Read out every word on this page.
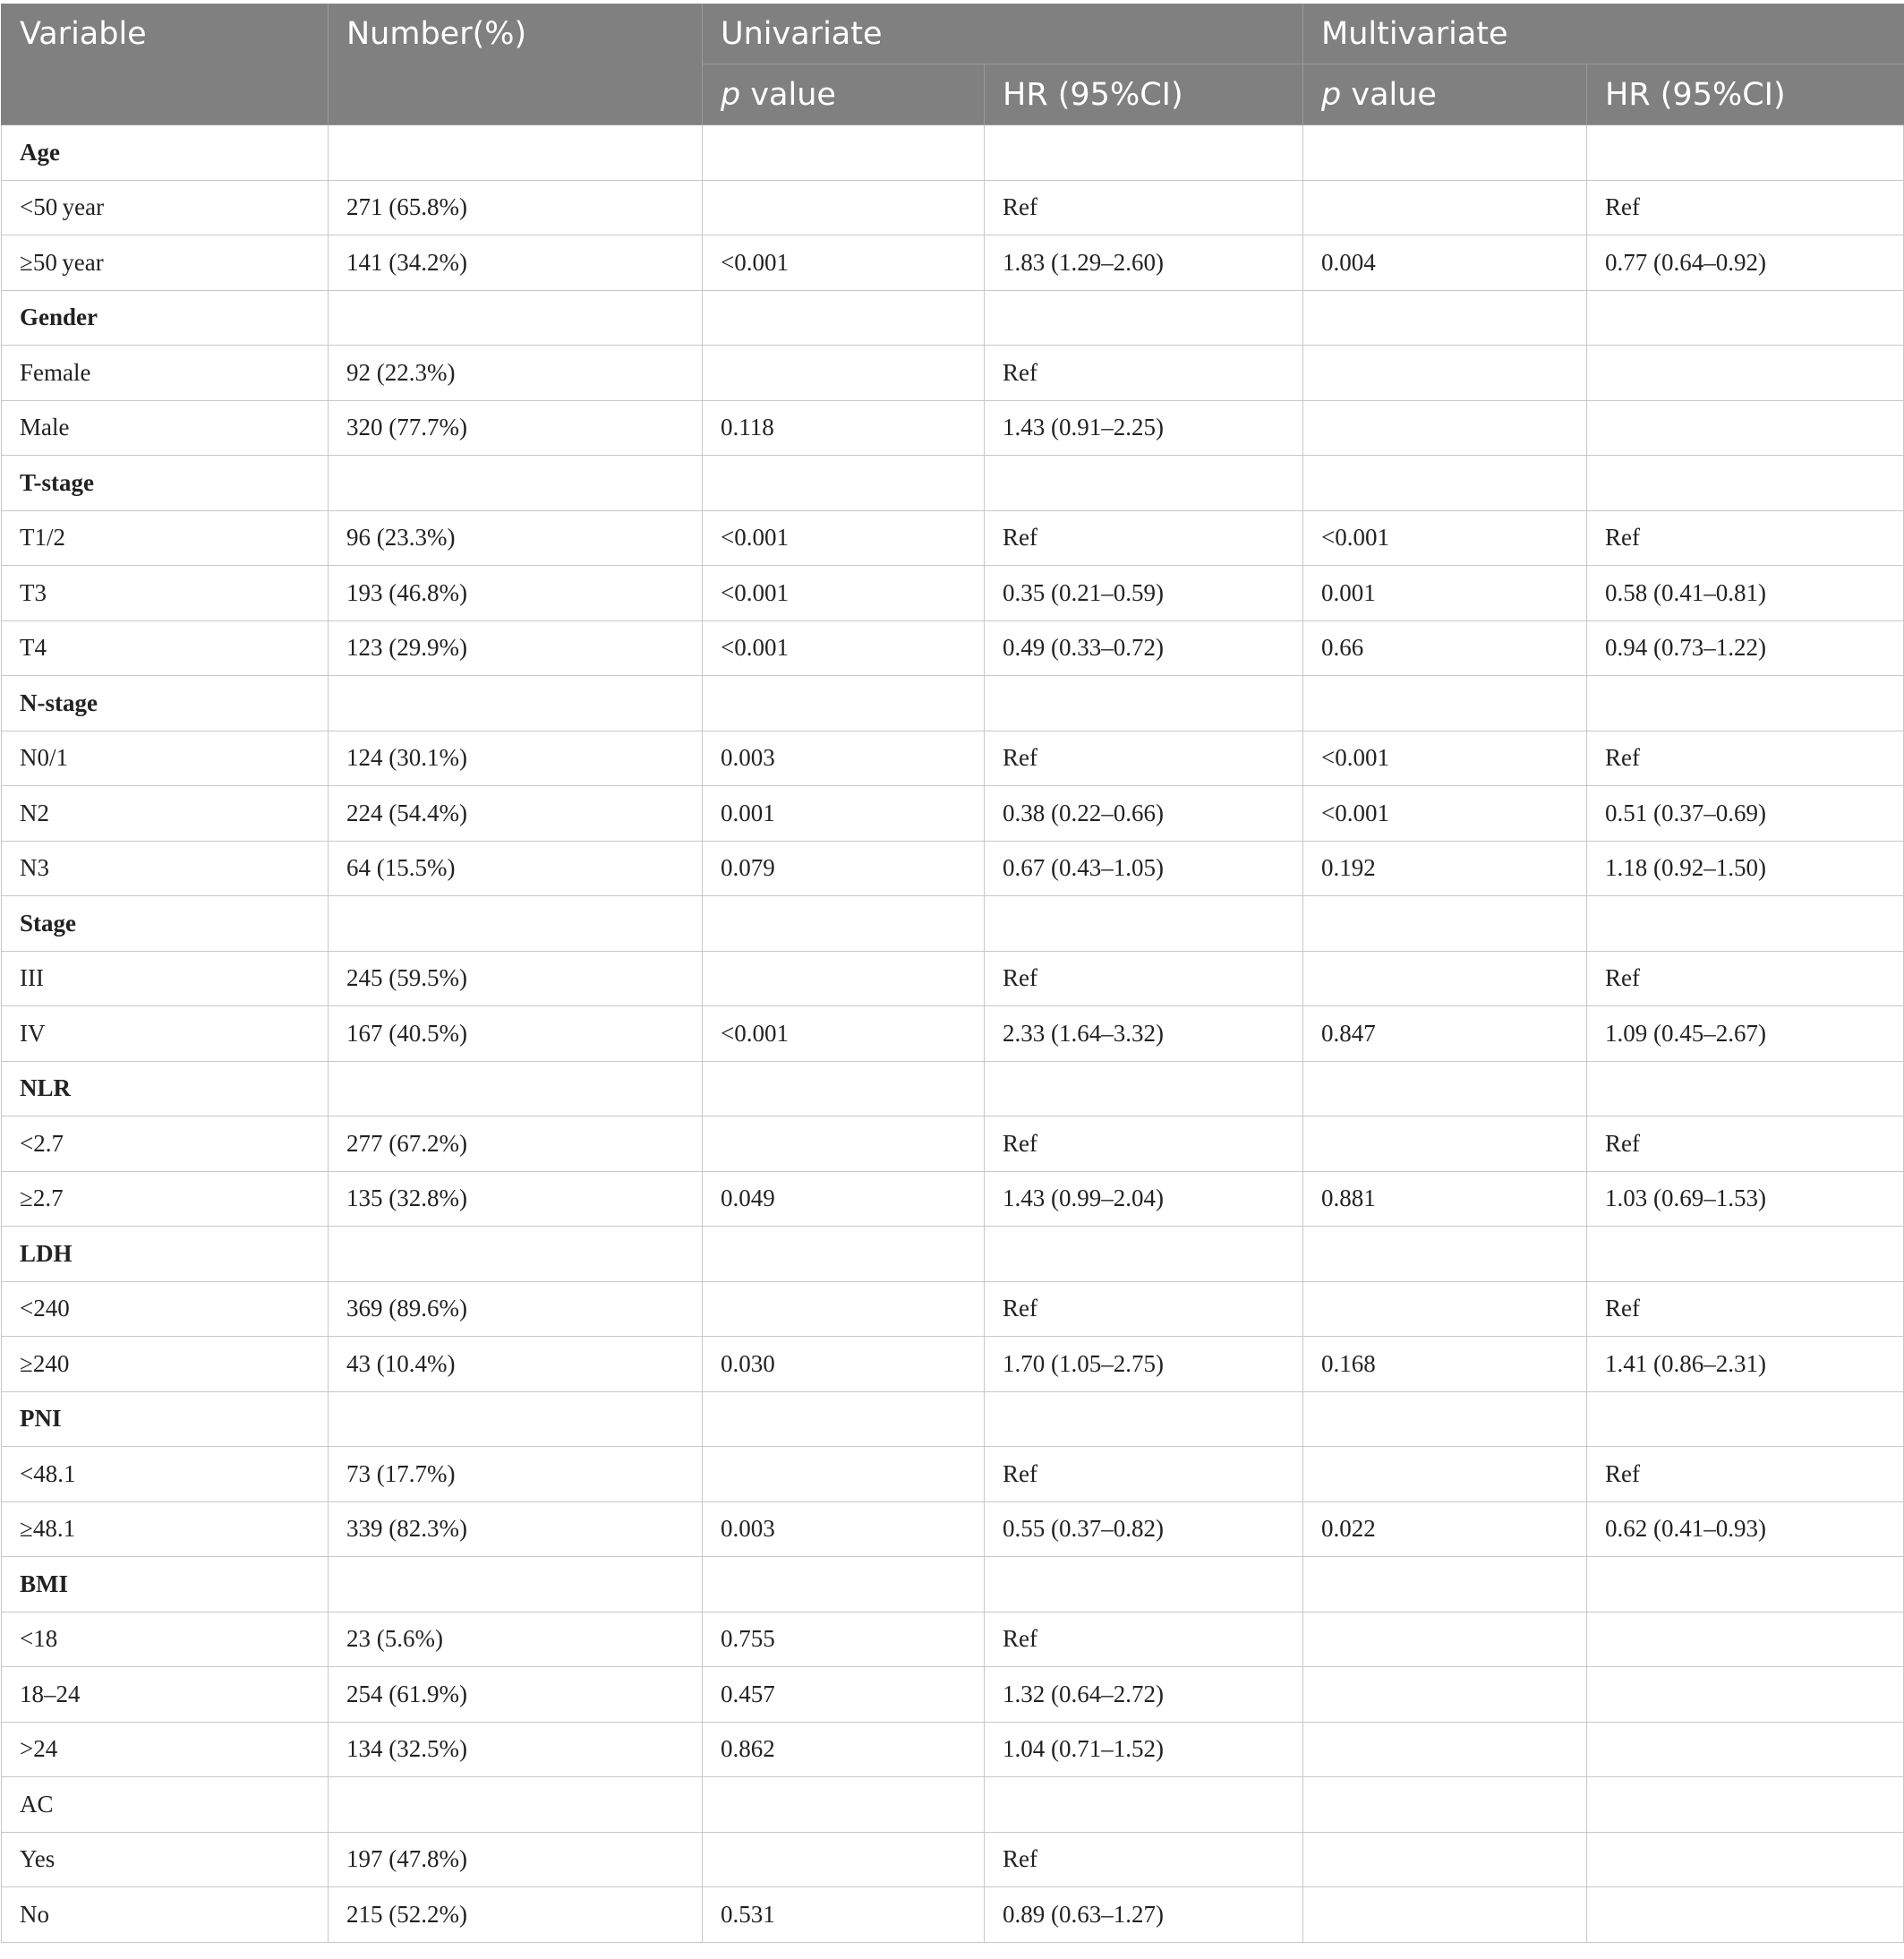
Variable	Number(%)	Univariate		Multivariate	
		p value	HR (95%CI)	p value	HR (95%CI)
Age					
<50 year	271 (65.8%)		Ref		Ref
≥50 year	141 (34.2%)	<0.001	1.83 (1.29–2.60)	0.004	0.77 (0.64–0.92)
Gender					
Female	92 (22.3%)		Ref		
Male	320 (77.7%)	0.118	1.43 (0.91–2.25)		
T-stage					
T1/2	96 (23.3%)	<0.001	Ref	<0.001	Ref
T3	193 (46.8%)	<0.001	0.35 (0.21–0.59)	0.001	0.58 (0.41–0.81)
T4	123 (29.9%)	<0.001	0.49 (0.33–0.72)	0.66	0.94 (0.73–1.22)
N-stage					
N0/1	124 (30.1%)	0.003	Ref	<0.001	Ref
N2	224 (54.4%)	0.001	0.38 (0.22–0.66)	<0.001	0.51 (0.37–0.69)
N3	64 (15.5%)	0.079	0.67 (0.43–1.05)	0.192	1.18 (0.92–1.50)
Stage					
III	245 (59.5%)		Ref		Ref
IV	167 (40.5%)	<0.001	2.33 (1.64–3.32)	0.847	1.09 (0.45–2.67)
NLR					
<2.7	277 (67.2%)		Ref		Ref
≥2.7	135 (32.8%)	0.049	1.43 (0.99–2.04)	0.881	1.03 (0.69–1.53)
LDH					
<240	369 (89.6%)		Ref		Ref
≥240	43 (10.4%)	0.030	1.70 (1.05–2.75)	0.168	1.41 (0.86–2.31)
PNI					
<48.1	73 (17.7%)		Ref		Ref
≥48.1	339 (82.3%)	0.003	0.55 (0.37–0.82)	0.022	0.62 (0.41–0.93)
BMI					
<18	23 (5.6%)	0.755	Ref		
18–24	254 (61.9%)	0.457	1.32 (0.64–2.72)		
>24	134 (32.5%)	0.862	1.04 (0.71–1.52)		
AC					
Yes	197 (47.8%)		Ref		
No	215 (52.2%)	0.531	0.89 (0.63–1.27)		
